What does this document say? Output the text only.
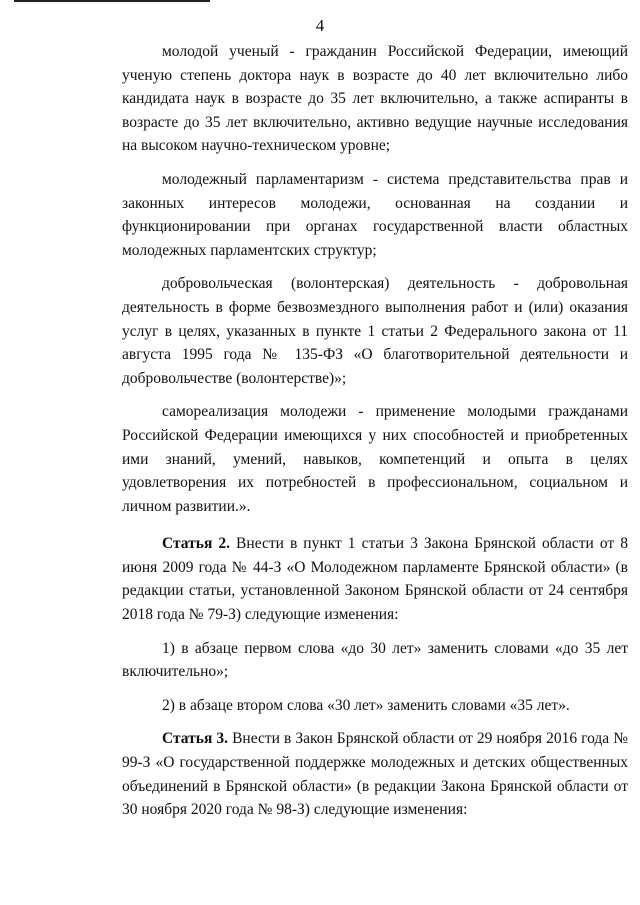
4

молодой ученый - гражданин Российской Федерации, имеющий ученую степень доктора наук в возрасте до 40 лет включительно либо кандидата наук в возрасте до 35 лет включительно, а также аспиранты в возрасте до 35 лет включительно, активно ведущие научные исследования на высоком научно-техническом уровне;

молодежный парламентаризм - система представительства прав и законных интересов молодежи, основанная на создании и функционировании при органах государственной власти областных молодежных парламентских структур;

добровольческая (волонтерская) деятельность - добровольная деятельность в форме безвозмездного выполнения работ и (или) оказания услуг в целях, указанных в пункте 1 статьи 2 Федерального закона от 11 августа 1995 года № 135-ФЗ «О благотворительной деятельности и добровольчестве (волонтерстве)»;

самореализация молодежи - применение молодыми гражданами Российской Федерации имеющихся у них способностей и приобретенных ими знаний, умений, навыков, компетенций и опыта в целях удовлетворения их потребностей в профессиональном, социальном и личном развитии.».

Статья 2. Внести в пункт 1 статьи 3 Закона Брянской области от 8 июня 2009 года № 44-З «О Молодежном парламенте Брянской области» (в редакции статьи, установленной Законом Брянской области от 24 сентября 2018 года № 79-З) следующие изменения:

1) в абзаце первом слова «до 30 лет» заменить словами «до 35 лет включительно»;

2) в абзаце втором слова «30 лет» заменить словами «35 лет».

Статья 3. Внести в Закон Брянской области от 29 ноября 2016 года № 99-З «О государственной поддержке молодежных и детских общественных объединений в Брянской области» (в редакции Закона Брянской области от 30 ноября 2020 года № 98-З) следующие изменения:
